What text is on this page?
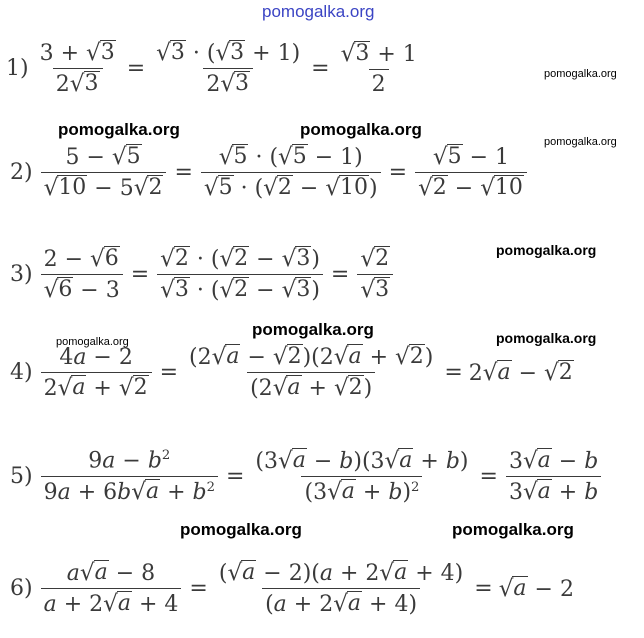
pomogalka.org
pomogalka.org
pomogalka.org	pomogalka.org
pomogalka.org
pomogalka.org
pomogalka.org
pomogalka.org	pomogalka.org
pomogalka.org	pomogalka.org
$1) \frac{3 + √ 3}{2 √ 3} = \frac{√ 3 \cdot ( √ 3 + 1)}{2 √ 3} = \frac{√ 3 + 1}{2}$
$2) \frac{5 - √ 5}{√ 10 - 5 √ 2} = \frac{√ 5 \cdot ( √ 5 - 1)}{√ 5 \cdot ( √ 2 - √ 10 )} = \frac{√ 5 - 1}{√ 2 - √ 10}$
$3) \frac{2 - √ 6}{√ 6 - 3} = \frac{√ 2 \cdot ( √ 2 - √ 3 )}{√ 3 \cdot ( √ 2 - √ 3 )} = \frac{√ 2}{√ 3}$
$4) \frac{4a - 2}{2 √ a + √ 2} = \frac{(2 √ a - √ 2 )(2 √ a + √ 2 )}{(2 √ a + √ 2 )} = 2$ √ a − √ 2
$5) \frac{9a - b^2}{9a + 6b √ a + b^2} = \frac{(3 √ a - b)(3 √ a + b)}{(3 √ a + b)^2} = \frac{3 √ a - b}{3 √ a + b}$
$6) \frac{a √ a - 8}{a + 2 √ a + 4} = \frac{( √ a - 2)(a + 2 √ a + 4)}{(a + 2 √ a + 4)}$ = √ a − 2
